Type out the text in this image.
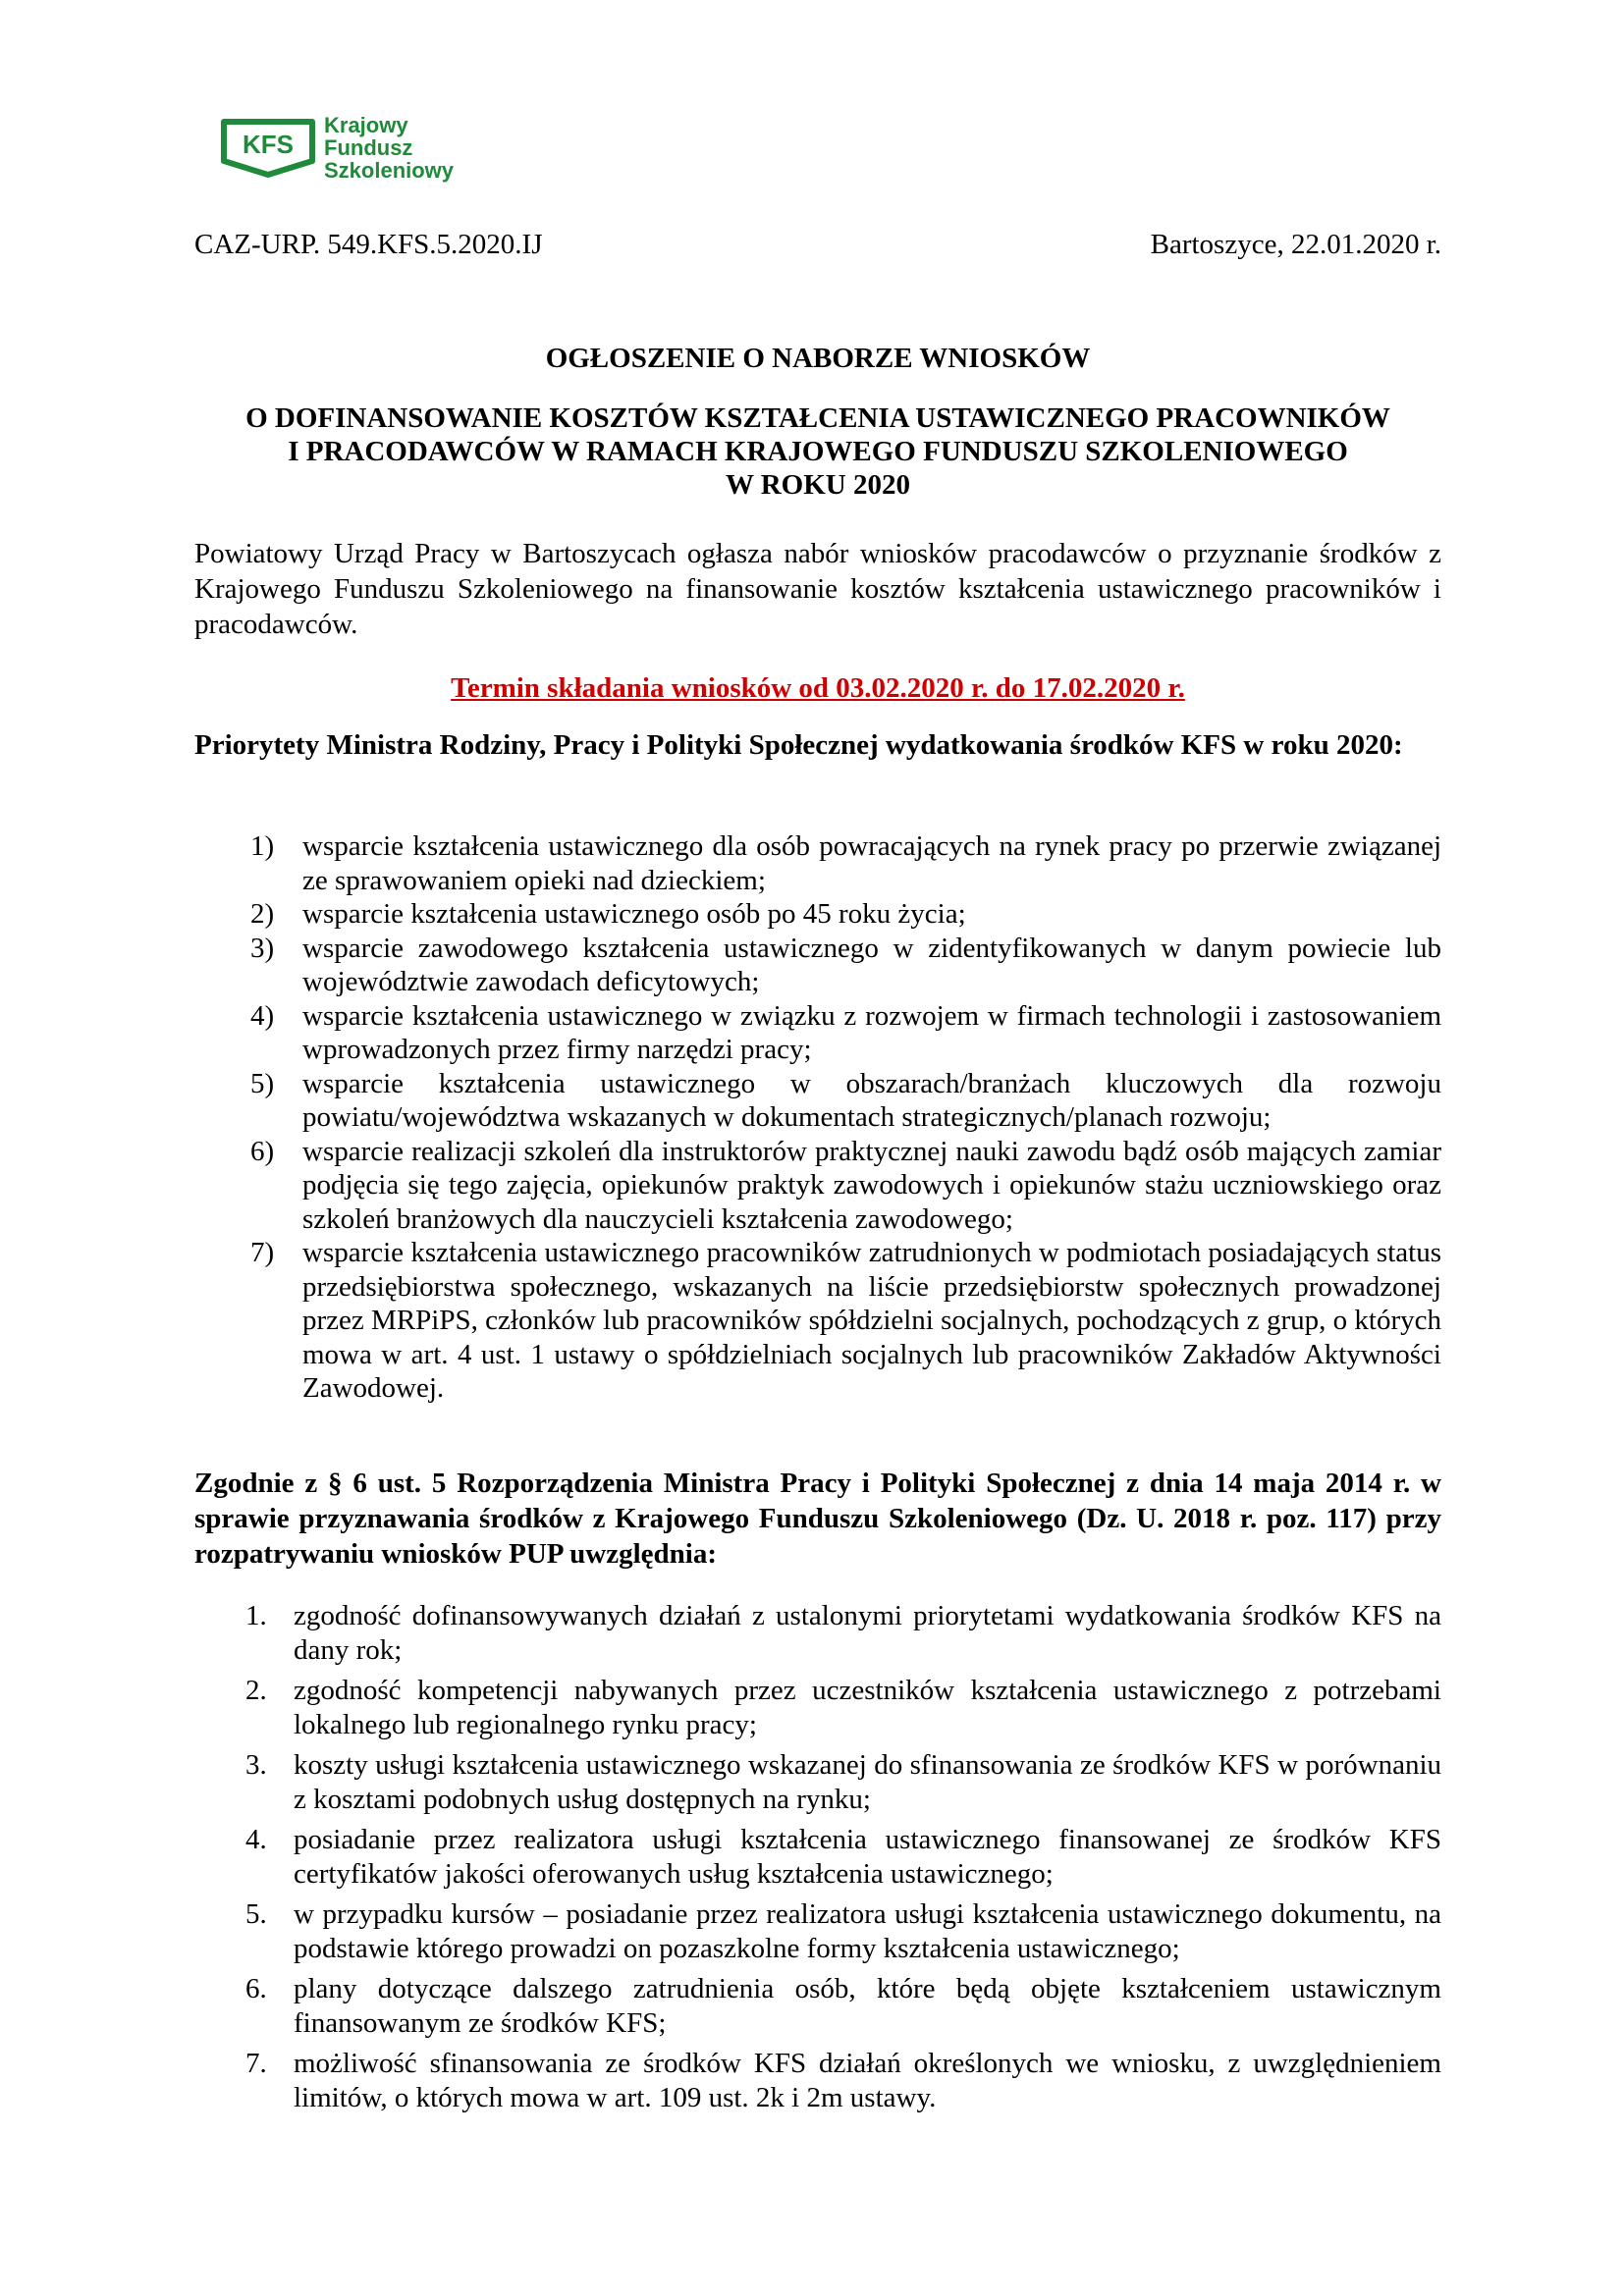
KFS
Krajowy
Fundusz
Szkoleniowy
CAZ-URP. 549.KFS.5.2020.IJ	Bartoszyce, 22.01.2020 r.
OGŁOSZENIE O NABORZE WNIOSKÓW
O DOFINANSOWANIE KOSZTÓW KSZTAŁCENIA USTAWICZNEGO PRACOWNIKÓW
I PRACODAWCÓW W RAMACH KRAJOWEGO FUNDUSZU SZKOLENIOWEGO
W ROKU 2020
Powiatowy Urząd Pracy w Bartoszycach ogłasza nabór wniosków pracodawców o przyznanie środków z Krajowego Funduszu Szkoleniowego na finansowanie kosztów kształcenia ustawicznego pracowników i pracodawców.
Termin składania wniosków od 03.02.2020 r. do 17.02.2020 r.
Priorytety Ministra Rodziny, Pracy i Polityki Społecznej wydatkowania środków KFS w roku 2020:
1) wsparcie kształcenia ustawicznego dla osób powracających na rynek pracy po przerwie związanej ze sprawowaniem opieki nad dzieckiem;
2) wsparcie kształcenia ustawicznego osób po 45 roku życia;
3) wsparcie zawodowego kształcenia ustawicznego w zidentyfikowanych w danym powiecie lub województwie zawodach deficytowych;
4) wsparcie kształcenia ustawicznego w związku z rozwojem w firmach technologii i zastosowaniem wprowadzonych przez firmy narzędzi pracy;
5) wsparcie kształcenia ustawicznego w obszarach/branżach kluczowych dla rozwoju powiatu/województwa wskazanych w dokumentach strategicznych/planach rozwoju;
6) wsparcie realizacji szkoleń dla instruktorów praktycznej nauki zawodu bądź osób mających zamiar podjęcia się tego zajęcia, opiekunów praktyk zawodowych i opiekunów stażu uczniowskiego oraz szkoleń branżowych dla nauczycieli kształcenia zawodowego;
7) wsparcie kształcenia ustawicznego pracowników zatrudnionych w podmiotach posiadających status przedsiębiorstwa społecznego, wskazanych na liście przedsiębiorstw społecznych prowadzonej przez MRPiPS, członków lub pracowników spółdzielni socjalnych, pochodzących z grup, o których mowa w art. 4 ust. 1 ustawy o spółdzielniach socjalnych lub pracowników Zakładów Aktywności Zawodowej.
Zgodnie z § 6 ust. 5 Rozporządzenia Ministra Pracy i Polityki Społecznej z dnia 14 maja 2014 r. w sprawie przyznawania środków z Krajowego Funduszu Szkoleniowego (Dz. U. 2018 r. poz. 117) przy rozpatrywaniu wniosków PUP uwzględnia:
1. zgodność dofinansowywanych działań z ustalonymi priorytetami wydatkowania środków KFS na dany rok;
2. zgodność kompetencji nabywanych przez uczestników kształcenia ustawicznego z potrzebami lokalnego lub regionalnego rynku pracy;
3. koszty usługi kształcenia ustawicznego wskazanej do sfinansowania ze środków KFS w porównaniu z kosztami podobnych usług dostępnych na rynku;
4. posiadanie przez realizatora usługi kształcenia ustawicznego finansowanej ze środków KFS certyfikatów jakości oferowanych usług kształcenia ustawicznego;
5. w przypadku kursów – posiadanie przez realizatora usługi kształcenia ustawicznego dokumentu, na podstawie którego prowadzi on pozaszkolne formy kształcenia ustawicznego;
6. plany dotyczące dalszego zatrudnienia osób, które będą objęte kształceniem ustawicznym finansowanym ze środków KFS;
7. możliwość sfinansowania ze środków KFS działań określonych we wniosku, z uwzględnieniem limitów, o których mowa w art. 109 ust. 2k i 2m ustawy.
